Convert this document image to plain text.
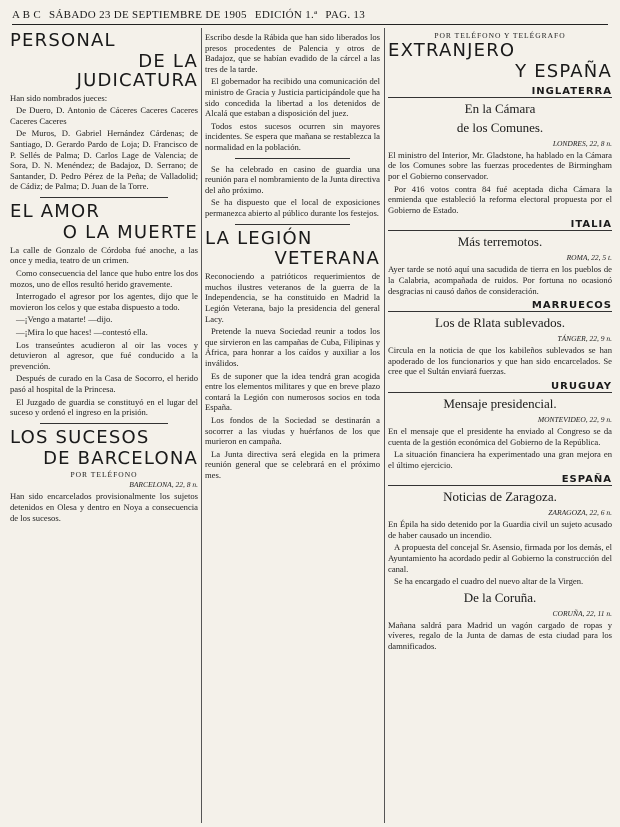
A B C SÁBADO 23 DE SEPTIEMBRE DE 1905 EDICIÓN 1.ª PAG. 13
PERSONAL
DE LA JUDICATURA

Han sido nombrados jueces:

De Duero, D. Antonio de Cáceres Caceres Caceres Caceres Caceres

De Muros, D. Gabriel Hernández Cárdenas; de Santiago, D. Gerardo Pardo de Loja; D. Francisco de P. Sellés de Palma; D. Carlos Lage de Valencia; de Sora, D. N. Menéndez; de Badajoz, D. Serrano; de Santander, D. Pedro Pérez de la Peña; de Valladolid; de Cádiz; de Palma; D. Juan de la Torre.

EL AMOR
O LA MUERTE

La calle de Gonzalo de Córdoba fué anoche, a las once y media, teatro de un crimen.

Como consecuencia del lance que hubo entre los dos mozos, uno de ellos resultó herido gravemente.

Interrogado el agresor por los agentes, dijo que le movieron los celos y que estaba dispuesto a todo.

—¡Vengo a matarte! —dijo.

—¡Mira lo que haces! —contestó ella.

Los transeúntes acudieron al oir las voces y detuvieron al agresor, que fué conducido a la prevención.

Después de curado en la Casa de Socorro, el herido pasó al hospital de la Princesa.

El Juzgado de guardia se constituyó en el lugar del suceso y ordenó el ingreso en la prisión.

LOS SUCESOS
DE BARCELONA
POR TELÉFONO
BARCELONA, 22, 8 n.

Han sido encarcelados provisionalmente los sujetos detenidos en Olesa y dentro en Noya a consecuencia de los sucesos.

Escribo desde la Rábida que han sido liberados los presos procedentes de Palencia y otros de Badajoz, que se habían evadido de la cárcel a las tres de la tarde.

El gobernador ha recibido una comunicación del ministro de Gracia y Justicia participándole que ha sido concedida la libertad a los detenidos de Alcalá que estaban a disposición del juez.

Todos estos sucesos ocurren sin mayores incidentes. Se espera que mañana se restablezca la normalidad en la población.

Se ha celebrado en casino de guardia una reunión para el nombramiento de la Junta directiva del año próximo.

Se ha dispuesto que el local de exposiciones permanezca abierto al público durante los festejos.

LA LEGIÓN
VETERANA

Reconociendo a patrióticos requerimientos de muchos ilustres veteranos de la guerra de la Independencia, se ha constituido en Madrid la Legión Veterana, bajo la presidencia del general Lacy.

Pretende la nueva Sociedad reunir a todos los que sirvieron en las campañas de Cuba, Filipinas y África, para honrar a los caídos y auxiliar a los inválidos.

Es de suponer que la idea tendrá gran acogida entre los elementos militares y que en breve plazo contará la Legión con numerosos socios en toda España.

Los fondos de la Sociedad se destinarán a socorrer a las viudas y huérfanos de los que murieron en campaña.

La Junta directiva será elegida en la primera reunión general que se celebrará en el próximo mes.

POR TELÉFONO Y TELÉGRAFO
EXTRANJERO
Y ESPAÑA
INGLATERRA
En la Cámara
de los Comunes.
LONDRES, 22, 8 n.

El ministro del Interior, Mr. Gladstone, ha hablado en la Cámara de los Comunes sobre las fuerzas procedentes de Birmingham por el Gobierno conservador.

Por 416 votos contra 84 fué aceptada dicha Cámara la enmienda que estableció la reforma electoral propuesta por el Gobierno de Estado.

ITALIA
Más terremotos.
ROMA, 22, 5 t.

Ayer tarde se notó aquí una sacudida de tierra en los pueblos de la Calabria, acompañada de ruidos. Por fortuna no ocasionó desgracias ni causó daños de consideración.

MARRUECOS
Los de Rlata sublevados.
TÁNGER, 22, 9 n.

Circula en la noticia de que los kabileños sublevados se han apoderado de los funcionarios y que han sido encarcelados. Se cree que el Sultán enviará fuerzas.

URUGUAY
Mensaje presidencial.
MONTEVIDEO, 22, 9 n.

En el mensaje que el presidente ha enviado al Congreso se da cuenta de la gestión económica del Gobierno de la República.

La situación financiera ha experimentado una gran mejora en el último ejercicio.

ESPAÑA
Noticias de Zaragoza.
ZARAGOZA, 22, 6 n.

En Épila ha sido detenido por la Guardia civil un sujeto acusado de haber causado un incendio.

A propuesta del concejal Sr. Asensio, firmada por los demás, el Ayuntamiento ha acordado pedir al Gobierno la construcción del canal.

Se ha encargado el cuadro del nuevo altar de la Virgen.

De la Coruña.
CORUÑA, 22, 11 n.

Mañana saldrá para Madrid un vagón cargado de ropas y víveres, regalo de la Junta de damas de esta ciudad para los damnificados.
